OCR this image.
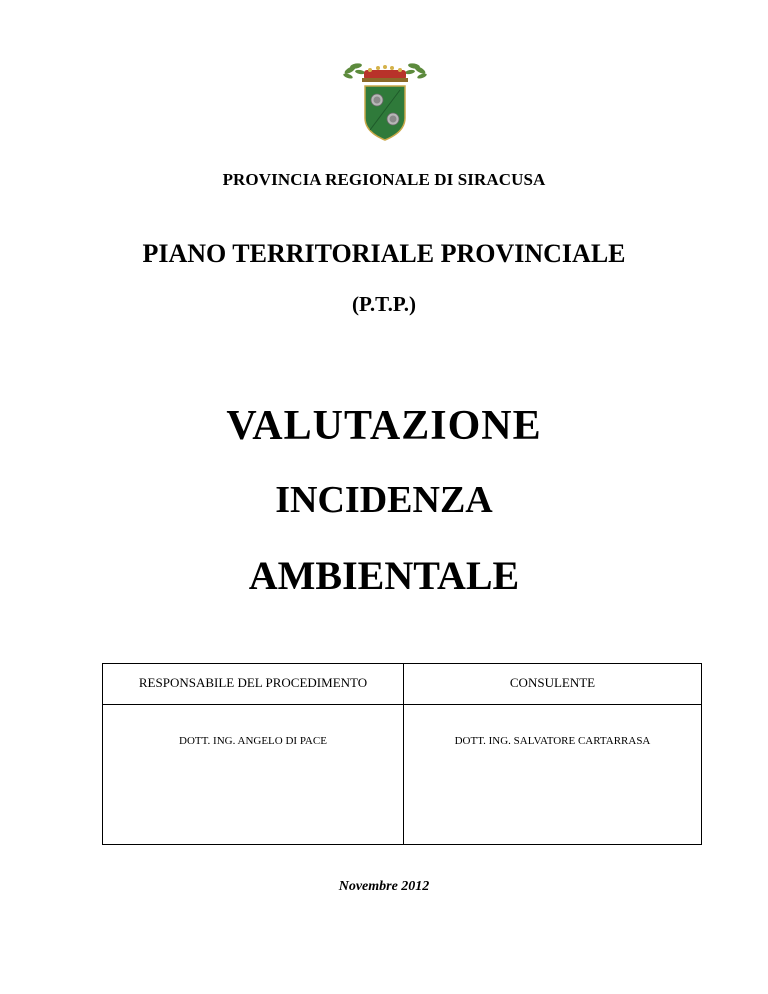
PROVINCIA REGIONALE DI SIRACUSA
PIANO TERRITORIALE PROVINCIALE
(P.T.P.)
VALUTAZIONE
INCIDENZA
AMBIENTALE
RESPONSABILE DEL PROCEDIMENTO	CONSULENTE
DOTT. ING. ANGELO DI PACE	DOTT. ING. SALVATORE CARTARRASA
Novembre 2012
